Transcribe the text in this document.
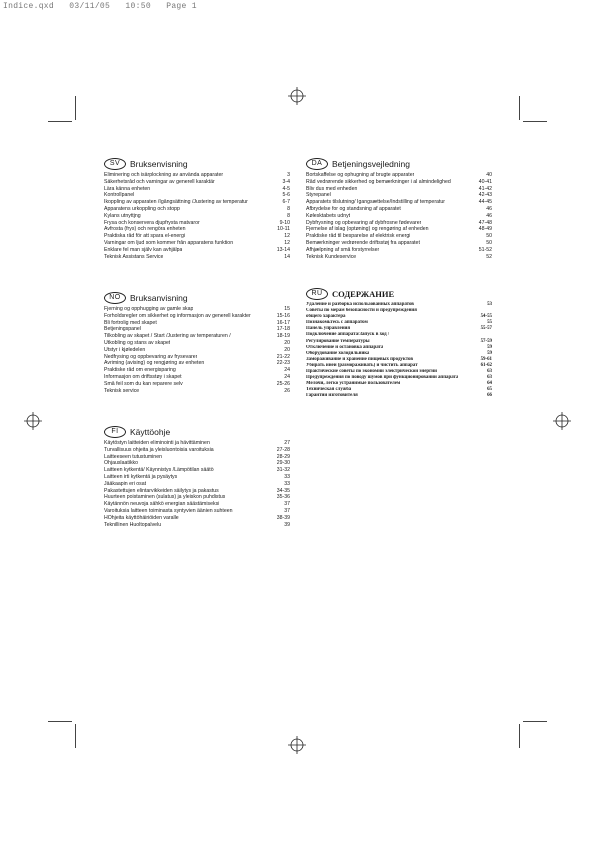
Indice.qxd   03/11/05   10:50   Page 1
SV	Bruksenvisning
Eliminering och isärplockning av använda apparater	3
Säkerhetsråd och varningar av generell karaktär	3-4
Lära känna enheten	4-5
Kontrollpanel	5-6
Ikoppling av apparaten /Igångsättning /Justering av temperatur	6-7
Apparatens urkoppling och stopp	8
Kylans utnyttjng	8
Frysa och konservera djupfrysta matvaror	9-10
Avfrosta (frys) och rengöra enheten	10-11
Praktiska råd för att spara el-energi	12
Varningar om ljud som kommer från apparatens funktion	12
Enklare fel man själv kan avhjälpa	13-14
Teknisk Assistans Service	14
DA	Betjeningsvejledning
Bortskaffelse og ophugning af brugte apparater	40
Råd vedrørende sikkerhed og bemærkninger i al almindelighed	40-41
Bliv dus med enheden	41-42
Styrepanel	42-43
Apparatets tilslutning/ Igangsættelse/Indstilling af temperatur	44-45
Afbrydelse for og standsning af apparatet	46
Kølesktabets udnyt	46
Dybfrysning og opbevaring af dybfrosne fødevarer	47-48
Fjernelse af islag (optøning) og rengøring af enheden	48-49
Praktiske råd til besparelse af elektrisk energi	50
Bemærkninger vedrørende driftsstøj fra apparatet	50
Afhjælpning af små forstyrrelser	51-52
Teknisk Kundeservice	52
NO	Bruksanvisning
Fjerning og opphugging av gamle skap	15
Forholdsregler om sikkerhet og informasjon av generell karakter	15-16
Bli fortrolig med skapet	16-17
Betjeningspanel	17-18
Tilkobling av skapet / Start /Justering av temperaturen /	18-19
Utkobling og stans av skapet	20
Utstyr i kjøledelen	20
Nedfrysing og oppbevaring av frysevarer	21-22
Avriming (avising) og rengjøring av enheten	22-23
Praktiske råd om energisparing	24
Informasjon om driftsstøy i skapet	24
Små feil som du kan reparere selv	25-26
Teknisk service	26
RU	СОДЕРЖАНИЕ
Удаление и разборка использованных аппаратов	53
Советы по мерам безопасности и предупреждения
общего характера	54-55
Познакомьтесь с аппаратом	55
Панель управления	55-57
Подключение аппарата/Запуск в ход /
Регулирование температуры	57-59
Отключение и остановка аппарата	59
Оборудование холодильника	59
Замораживание и хранение пищевых продуктов	59-61
Убирать иней (размораживать) и чистить аппарат	61-62
Практические советы по экономии электрической энергии	63
Предупреждения по поводу шумов при функционировании аппарата	63
Мелочи, легко устранимые пользователем	64
Техническая служба	65
Гарантии изготовителя	66
FI	Käyttöohje
Käytöstyn laitteiden eliminointi ja hävittäminen	27
Turvallisuus ohjeita ja yleisluontoisia varoituksia	27-28
Laitteeseen tutustuminen	28-29
Ohjauslaatikko	29-30
Laitteen kytkentä/ Käynnistys /Lämpötilan säätö	31-32
Laitteen irti kytkentä ja pysäytys	33
Jääkaapin eri osat	33
Pakastettujen elintarvikkeiden säilytys ja pakastus	34-35
Huurteen poistaminen (sulatus) ja yleiskon puhdistus	35-36
Käytännön neuvoja sähkö energian säästämiseksi	37
Varoituksia laitteen toiminasta syntyvien äänien suhteen	37
HOhjeita käyttöhäiriöiden varalle	38-39
Teknillinen Huoltopalvelu	39
